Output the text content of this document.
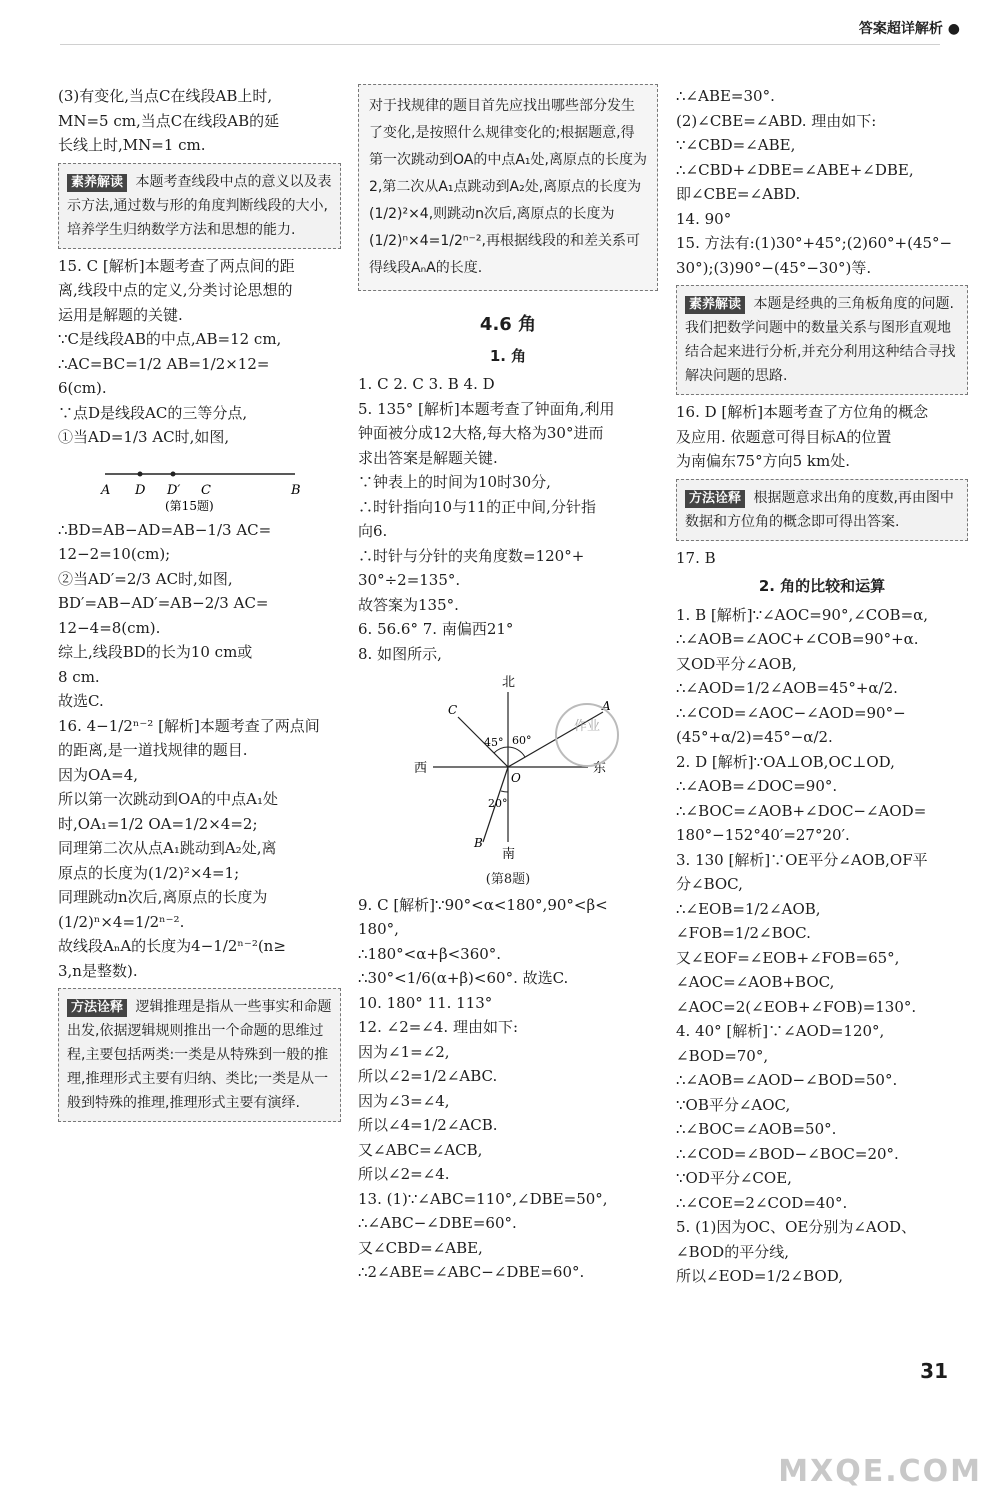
答案超详解析 ●
(3)有变化,当点C在线段AB上时,
MN=5 cm,当点C在线段AB的延
长线上时,MN=1 cm.
素养解读 本题考查线段中点的意义以及表示方法,通过数与形的角度判断线段的大小,培养学生归纳数学方法和思想的能力.
15. C [解析]本题考查了两点间的距
离,线段中点的定义,分类讨论思想的
运用是解题的关键.
∵C是线段AB的中点,AB=12 cm,
∴AC=BC=1/2 AB=1/2×12=
6(cm).
∵点D是线段AC的三等分点,
①当AD=1/3 AC时,如图,
A D D′ C	B
(第15题)
∴BD=AB−AD=AB−1/3 AC=
12−2=10(cm);
②当AD′=2/3 AC时,如图,
BD′=AB−AD′=AB−2/3 AC=
12−4=8(cm).
综上,线段BD的长为10 cm或
8 cm.
故选C.
16. 4−1/2ⁿ⁻² [解析]本题考查了两点间
的距离,是一道找规律的题目.
因为OA=4,
所以第一次跳动到OA的中点A₁处
时,OA₁=1/2 OA=1/2×4=2;
同理第二次从点A₁跳动到A₂处,离
原点的长度为(1/2)²×4=1;
同理跳动n次后,离原点的长度为
(1/2)ⁿ×4=1/2ⁿ⁻².
故线段AₙA的长度为4−1/2ⁿ⁻²(n≥
3,n是整数).
方法诠释 逻辑推理是指从一些事实和命题出发,依据逻辑规则推出一个命题的思维过程,主要包括两类:一类是从特殊到一般的推理,推理形式主要有归纳、类比;一类是从一般到特殊的推理,推理形式主要有演绎.
对于找规律的题目首先应找出哪些部分发生了变化,是按照什么规律变化的;根据题意,得第一次跳动到OA的中点A₁处,离原点的长度为2,第二次从A₁点跳动到A₂处,离原点的长度为(1/2)²×4,则跳动n次后,离原点的长度为(1/2)ⁿ×4=1/2ⁿ⁻²,再根据线段的和差关系可得线段AₙA的长度.
4.6 角
1. 角
1. C 2. C 3. B 4. D
5. 135° [解析]本题考查了钟面角,利用
钟面被分成12大格,每大格为30°进而
求出答案是解题关键.
∵钟表上的时间为10时30分,
∴时针指向10与11的正中间,分针指
向6.
∴时针与分针的夹角度数=120°+
30°÷2=135°.
故答案为135°.
6. 56.6° 7. 南偏西21°
8. 如图所示,
北
南
东
西
45° 60°
20°
O
A
B
C
(第8题)
9. C [解析]∵90°<α<180°,90°<β<
180°,
∴180°<α+β<360°.
∴30°<1/6(α+β)<60°. 故选C.
10. 180° 11. 113°
12. ∠2=∠4. 理由如下:
因为∠1=∠2,
所以∠2=1/2∠ABC.
因为∠3=∠4,
所以∠4=1/2∠ACB.
又∠ABC=∠ACB,
所以∠2=∠4.
13. (1)∵∠ABC=110°,∠DBE=50°,
∴∠ABC−∠DBE=60°.
又∠CBD=∠ABE,
∴2∠ABE=∠ABC−∠DBE=60°.
作业
∴∠ABE=30°.
(2)∠CBE=∠ABD. 理由如下:
∵∠CBD=∠ABE,
∴∠CBD+∠DBE=∠ABE+∠DBE,
即∠CBE=∠ABD.
14. 90°
15. 方法有:(1)30°+45°;(2)60°+(45°−
30°);(3)90°−(45°−30°)等.
素养解读 本题是经典的三角板角度的问题. 我们把数学问题中的数量关系与图形直观地结合起来进行分析,并充分利用这种结合寻找解决问题的思路.
16. D [解析]本题考查了方位角的概念
及应用. 依题意可得目标A的位置
为南偏东75°方向5 km处.
方法诠释 根据题意求出角的度数,再由图中数据和方位角的概念即可得出答案.
17. B
2. 角的比较和运算
1. B [解析]∵∠AOC=90°,∠COB=α,
∴∠AOB=∠AOC+∠COB=90°+α.
又OD平分∠AOB,
∴∠AOD=1/2∠AOB=45°+α/2.
∴∠COD=∠AOC−∠AOD=90°−
(45°+α/2)=45°−α/2.
2. D [解析]∵OA⊥OB,OC⊥OD,
∴∠AOB=∠DOC=90°.
∴∠BOC=∠AOB+∠DOC−∠AOD=
180°−152°40′=27°20′.
3. 130 [解析]∵OE平分∠AOB,OF平
分∠BOC,
∴∠EOB=1/2∠AOB,
∠FOB=1/2∠BOC.
又∠EOF=∠EOB+∠FOB=65°,
∠AOC=∠AOB+BOC,
∠AOC=2(∠EOB+∠FOB)=130°.
4. 40° [解析]∵∠AOD=120°,
∠BOD=70°,
∴∠AOB=∠AOD−∠BOD=50°.
∵OB平分∠AOC,
∴∠BOC=∠AOB=50°.
∴∠COD=∠BOD−∠BOC=20°.
∵OD平分∠COE,
∴∠COE=2∠COD=40°.
5. (1)因为OC、OE分别为∠AOD、
∠BOD的平分线,
所以∠EOD=1/2∠BOD,
31
MXQE.COM
